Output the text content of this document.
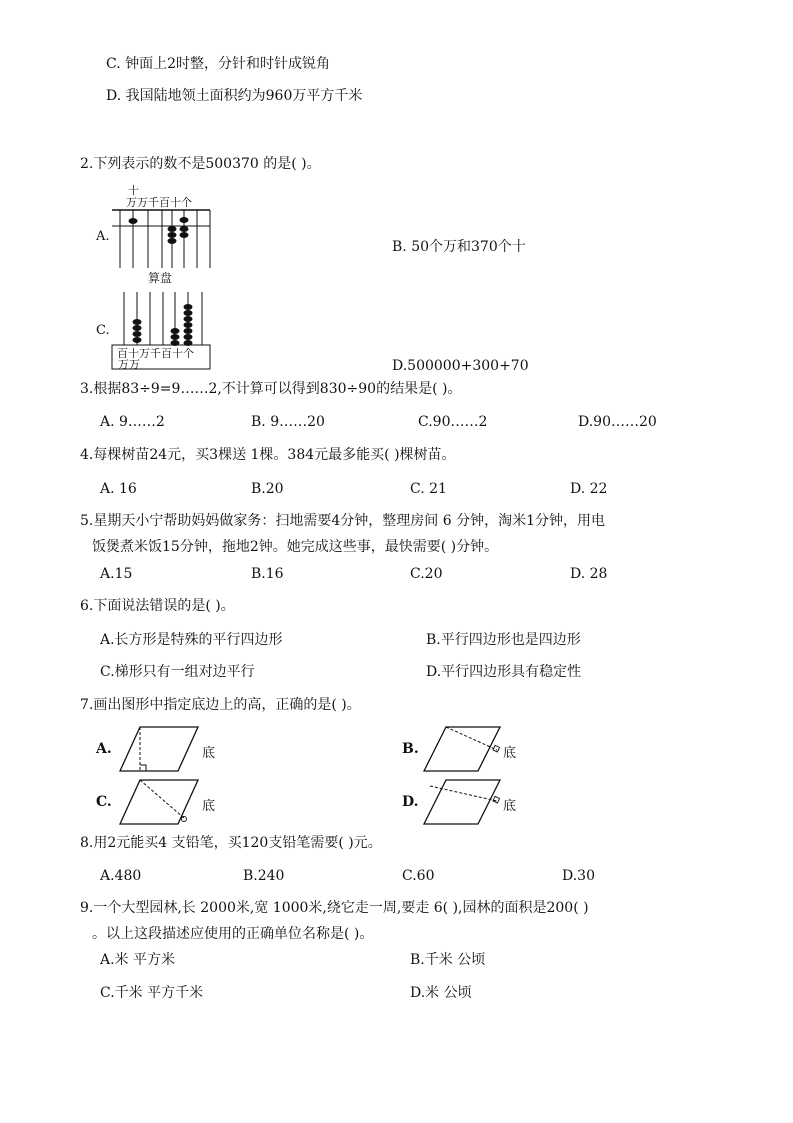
C. 钟面上2时整，分针和时针成锐角
D. 我国陆地领土面积约为960万平方千米
2.下列表示的数不是500370 的是( )。
A.
十
万万千百十个
算盘
C.
百十万千百十个
万万
B. 50个万和370个十
D.500000+300+70
3.根据83÷9=9……2,不计算可以得到830÷90的结果是( )。
A. 9……2	B. 9……20	C.90……2	D.90……20
4.每棵树苗24元，买3棵送 1棵。384元最多能买( )棵树苗。
A. 16	B.20	C. 21	D. 22
5.星期天小宁帮助妈妈做家务：扫地需要4分钟，整理房间 6 分钟，淘米1分钟，用电
饭煲煮米饭15分钟，拖地2钟。她完成这些事，最快需要( )分钟。
A.15	B.16	C.20	D. 28
6.下面说法错误的是( )。
A.长方形是特殊的平行四边形	B.平行四边形也是四边形
C.梯形只有一组对边平行	D.平行四边形具有稳定性
7.画出图形中指定底边上的高，正确的是( )。
A.	底	B.	底
C.	底	D.	底
8.用2元能买4 支铅笔，买120支铅笔需要( )元。
A.480	B.240	C.60	D.30
9.一个大型园林,长 2000米,宽 1000米,绕它走一周,要走 6( ),园林的面积是200( )
。以上这段描述应使用的正确单位名称是( )。
A.米 平方米	B.千米 公顷
C.千米 平方千米	D.米 公顷
